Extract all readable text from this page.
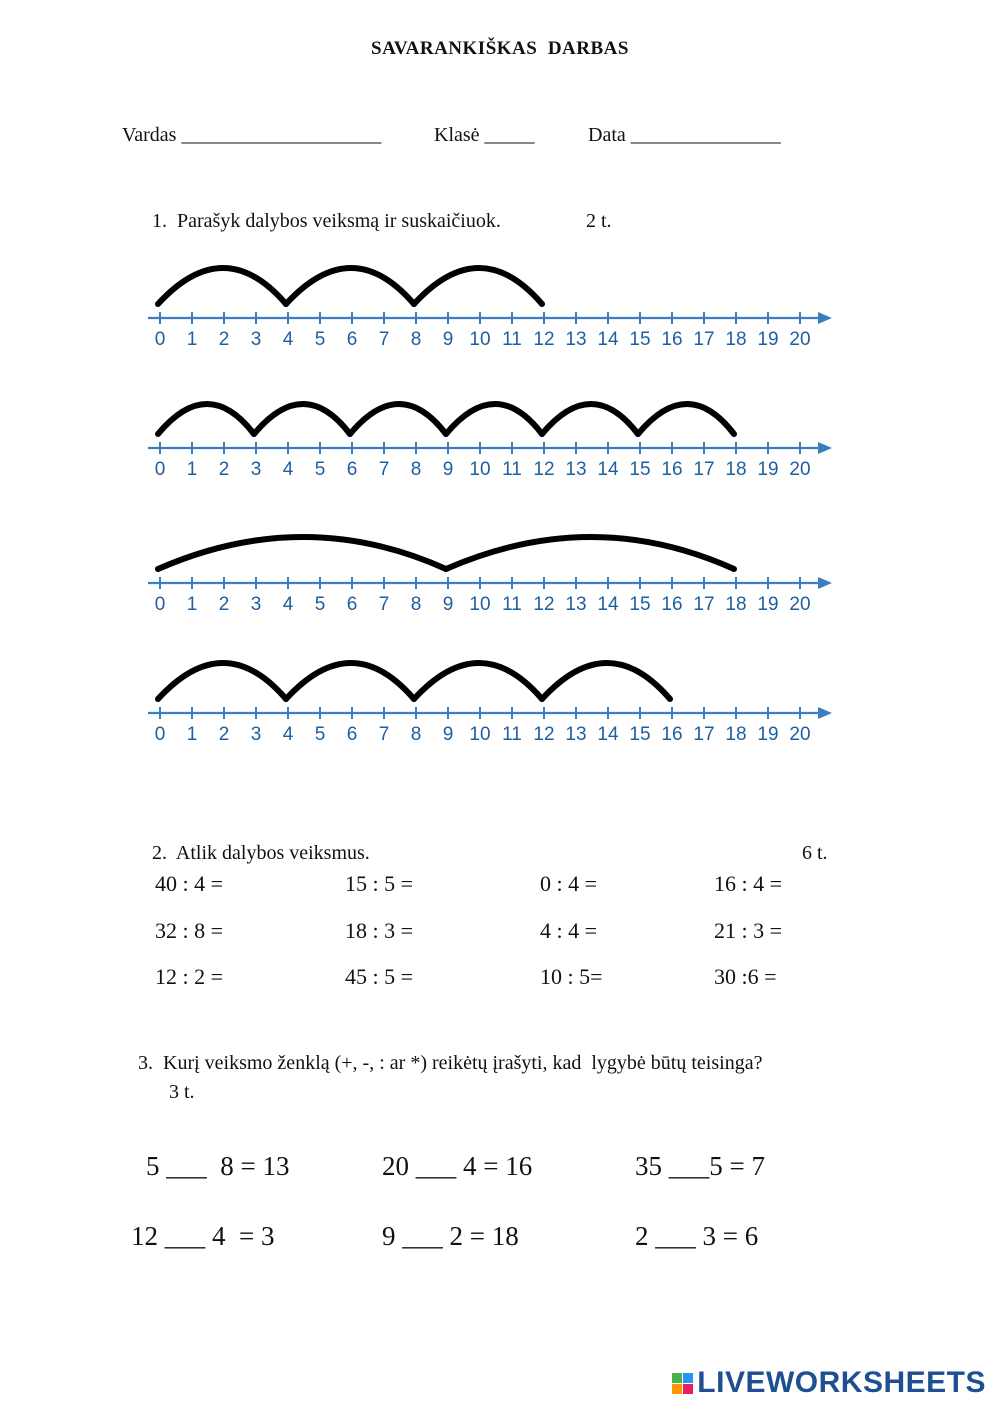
SAVARANKIŠKAS  DARBAS
Vardas ____________________	Klasė _____	Data _______________
1.  Parašyk dalybos veiksmą ir suskaičiuok.	2 t.
0 1 2 3 4 5 6 7 8 9 10 11 12 13 14 15 16 17 18 19 20
0 1 2 3 4 5 6 7 8 9 10 11 12 13 14 15 16 17 18 19 20
0 1 2 3 4 5 6 7 8 9 10 11 12 13 14 15 16 17 18 19 20
0 1 2 3 4 5 6 7 8 9 10 11 12 13 14 15 16 17 18 19 20
2.  Atlik dalybos veiksmus.	6 t.
40 : 4 =	15 : 5 =	0 : 4 =	16 : 4 =
32 : 8 =	18 : 3 =	4 : 4 =	21 : 3 =
12 : 2 =	45 : 5 =	10 : 5=	30 :6 =
3.  Kurį veiksmo ženklą (+, -, : ar *) reikėtų įrašyti, kad  lygybė būtų teisinga?
3 t.
5 ___  8 = 13	20 ___ 4 = 16	35 ___5 = 7
12 ___ 4  = 3	9 ___ 2 = 18	2 ___ 3 = 6
LIVEWORKSHEETS
